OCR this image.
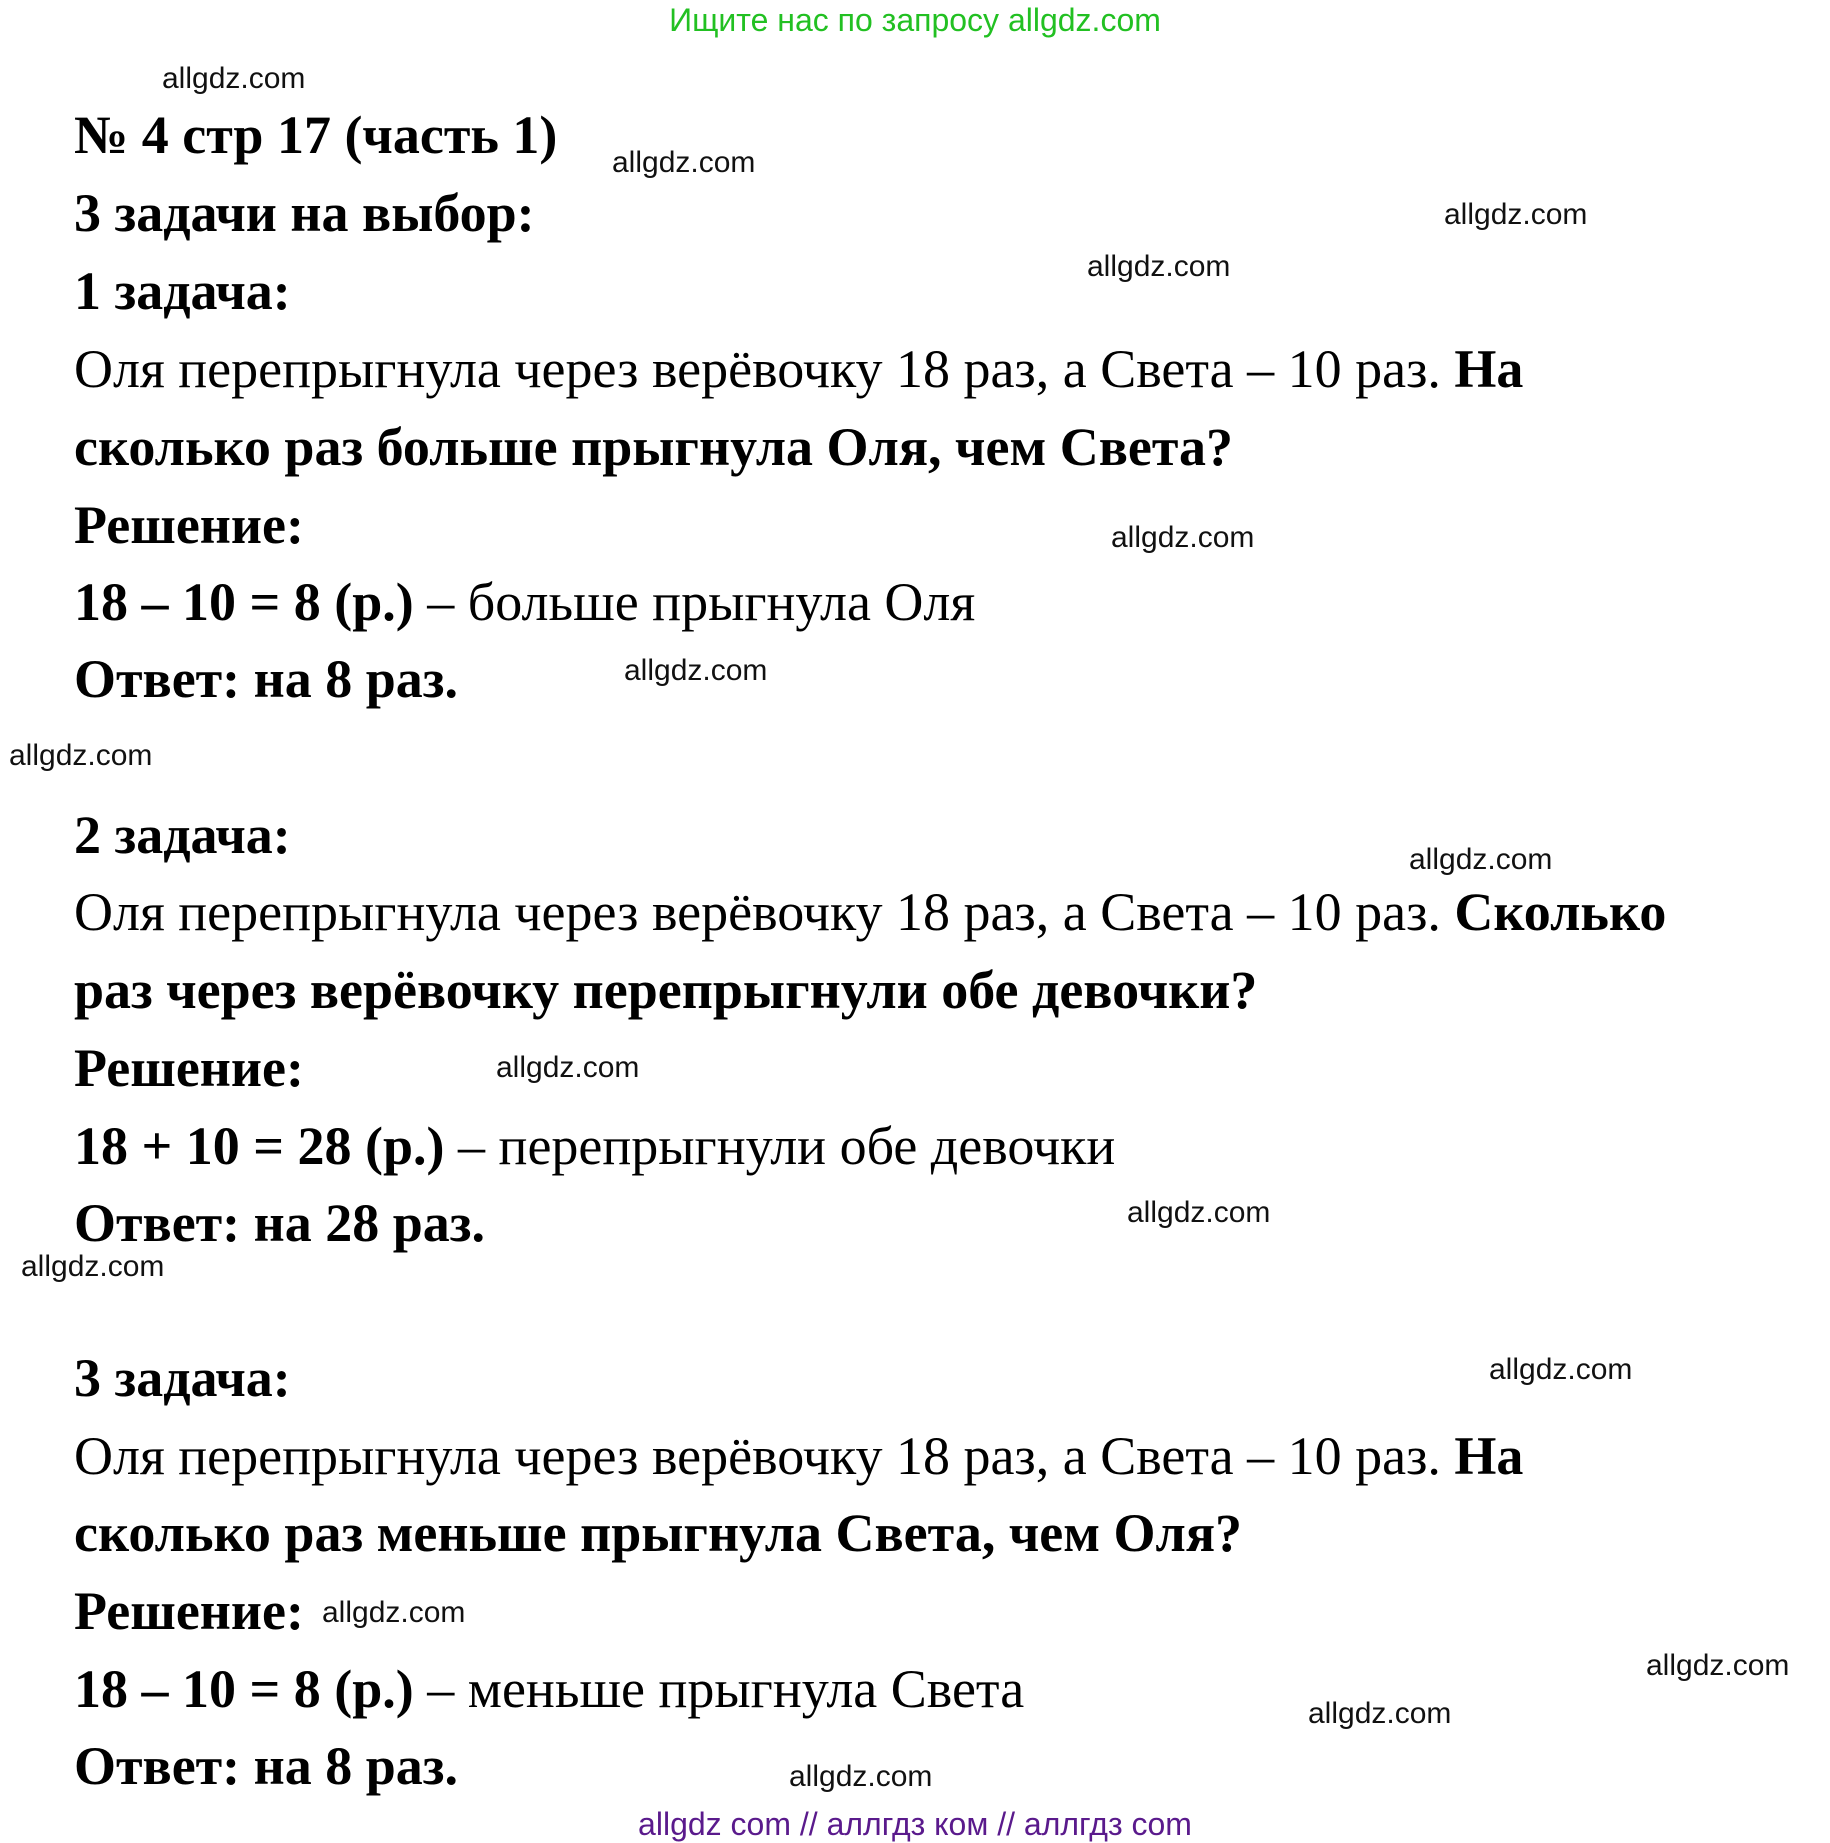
Ищите нас по запросу allgdz.com
allgdz.com
allgdz.com
allgdz.com
allgdz.com
allgdz.com
allgdz.com
allgdz.com
allgdz.com
allgdz.com
allgdz.com
allgdz.com
allgdz.com
allgdz.com
allgdz.com
allgdz.com
allgdz.com
№ 4 стр 17 (часть 1)
3 задачи на выбор:
1 задача:
Оля перепрыгнула через верёвочку 18 раз, а Света – 10 раз. На
сколько раз больше прыгнула Оля, чем Света?
Решение:
18 – 10 = 8 (р.) – больше прыгнула Оля
Ответ: на 8 раз.
2 задача:
Оля перепрыгнула через верёвочку 18 раз, а Света – 10 раз. Сколько
раз через верёвочку перепрыгнули обе девочки?
Решение:
18 + 10 = 28 (р.) – перепрыгнули обе девочки
Ответ: на 28 раз.
3 задача:
Оля перепрыгнула через верёвочку 18 раз, а Света – 10 раз. На
сколько раз меньше прыгнула Света, чем Оля?
Решение:
18 – 10 = 8 (р.) – меньше прыгнула Света
Ответ: на 8 раз.
allgdz com // аллгдз ком // аллгдз com
